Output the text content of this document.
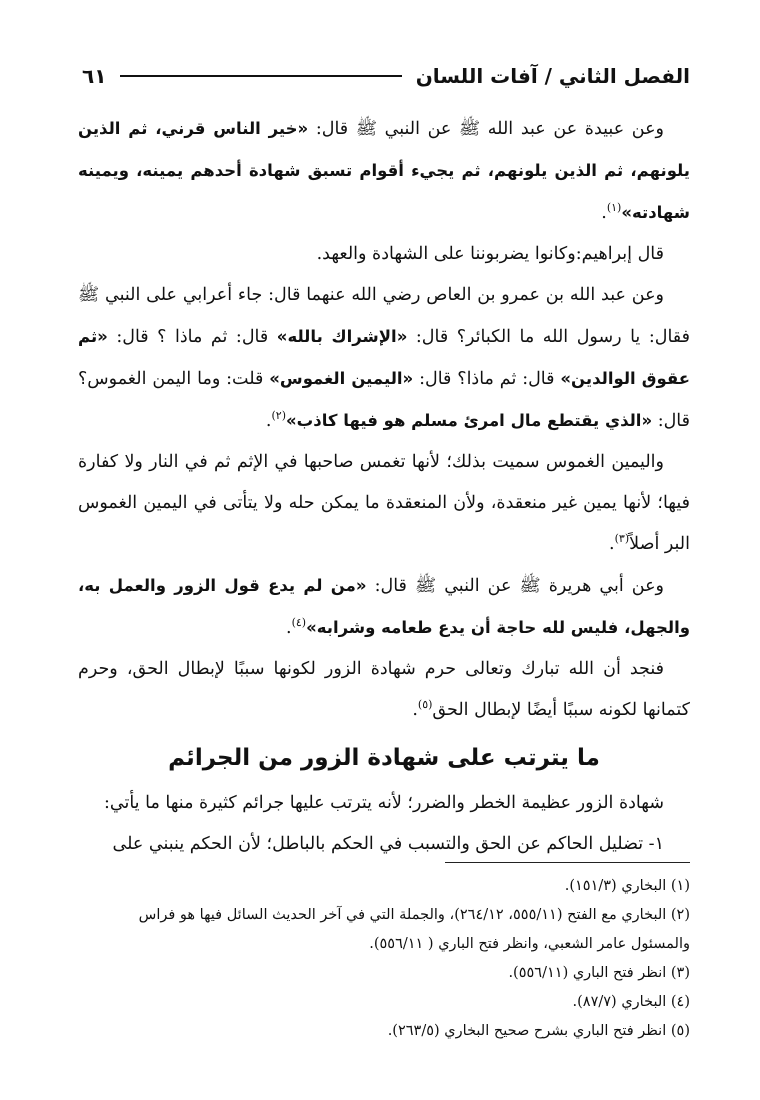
الفصل الثاني / آفات اللسان
٦١

وعن عبيدة عن عبد الله ﷺ عن النبي ﷺ قال: «خير الناس قرني، ثم الذين يلونهم، ثم الذين يلونهم، ثم يجيء أقوام تسبق شهادة أحدهم يمينه، ويمينه شهادته»$^{(١)}$.

قال إبراهيم:وكانوا يضربوننا على الشهادة والعهد.

وعن عبد الله بن عمرو بن العاص رضي الله عنهما قال: جاء أعرابي على النبي ﷺ فقال: يا رسول الله ما الكبائر؟ قال: «الإشراك بالله» قال: ثم ماذا ؟ قال: «ثم عقوق الوالدين» قال: ثم ماذا؟ قال: «اليمين الغموس» قلت: وما اليمن الغموس؟ قال: «الذي يقتطع مال امرئ مسلم هو فيها كاذب»$^{(٢)}$.

واليمين الغموس سميت بذلك؛ لأنها تغمس صاحبها في الإثم ثم في النار ولا كفارة فيها؛ لأنها يمين غير منعقدة، ولأن المنعقدة ما يمكن حله ولا يتأتى في اليمين الغموس البر أصلاً$^{(٣)}$.

وعن أبي هريرة ﷺ عن النبي ﷺ قال: «من لم يدع قول الزور والعمل به، والجهل، فليس لله حاجة أن يدع طعامه وشرابه»$^{(٤)}$.

فنجد أن الله تبارك وتعالى حرم شهادة الزور لكونها سببًا لإبطال الحق، وحرم كتمانها لكونه سببًا أيضًا لإبطال الحق$^{(٥)}$.

ما يترتب على شهادة الزور من الجرائم

شهادة الزور عظيمة الخطر والضرر؛ لأنه يترتب عليها جرائم كثيرة منها ما يأتي:

١- تضليل الحاكم عن الحق والتسبب في الحكم بالباطل؛ لأن الحكم ينبني على

(١) البخاري (١٥١/٣).

(٢) البخاري مع الفتح (٥٥٥/١١، ٢٦٤/١٢)، والجملة التي في آخر الحديث السائل فيها هو فراس والمسئول عامر الشعبي، وانظر فتح الباري ( ٥٥٦/١١).

(٣) انظر فتح الباري (٥٥٦/١١).

(٤) البخاري (٨٧/٧).

(٥) انظر فتح الباري بشرح صحيح البخاري (٢٦٣/٥).
